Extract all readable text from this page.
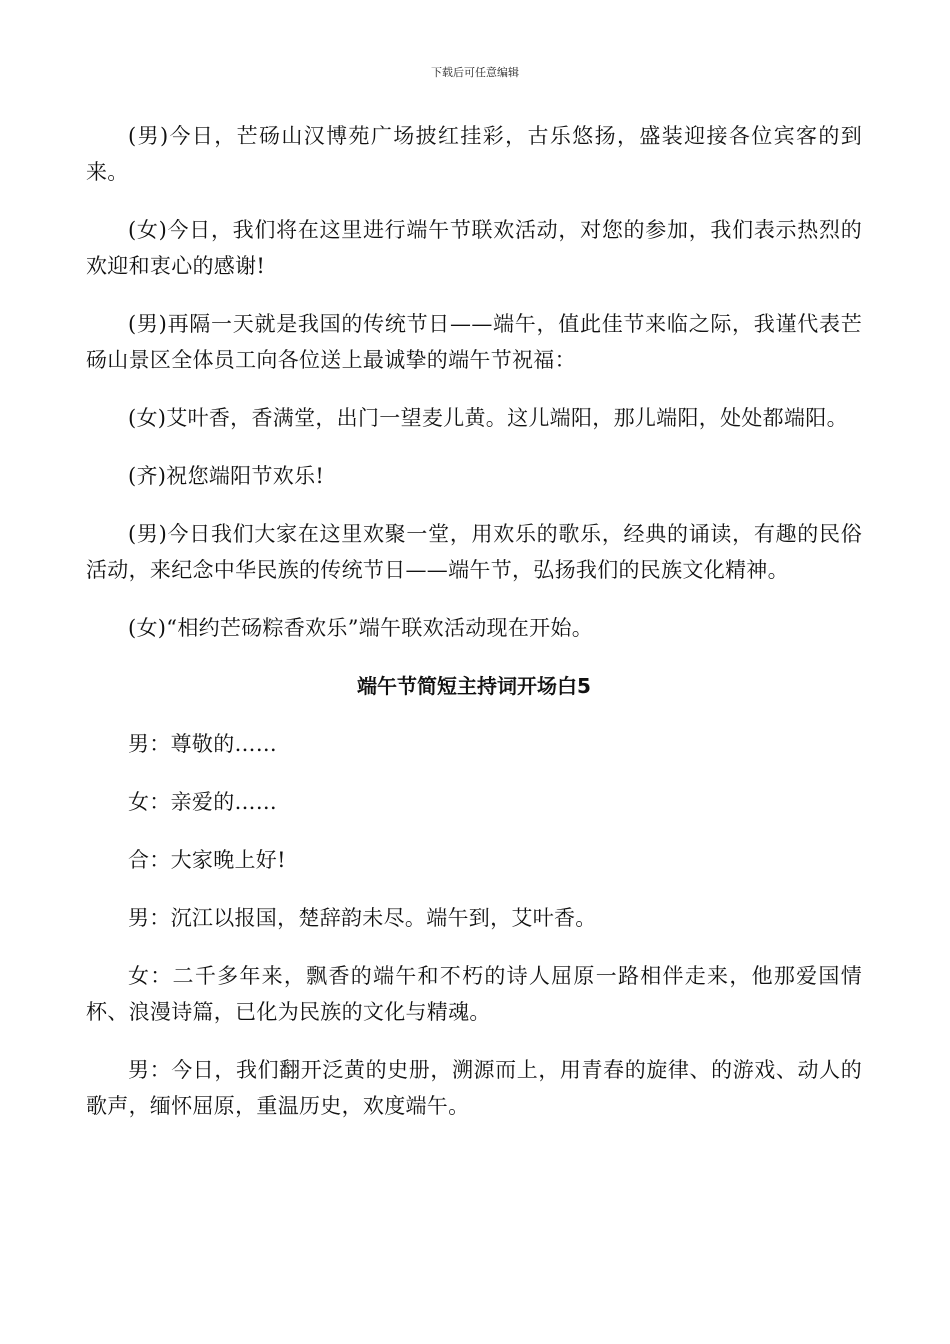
下载后可任意编辑

(男)今日，芒砀山汉博苑广场披红挂彩，古乐悠扬，盛装迎接各位宾客的到来。

(女)今日，我们将在这里进行端午节联欢活动，对您的参加，我们表示热烈的欢迎和衷心的感谢!

(男)再隔一天就是我国的传统节日——端午，值此佳节来临之际，我谨代表芒砀山景区全体员工向各位送上最诚挚的端午节祝福：

(女)艾叶香，香满堂，出门一望麦儿黄。这儿端阳，那儿端阳，处处都端阳。

(齐)祝您端阳节欢乐!

(男)今日我们大家在这里欢聚一堂，用欢乐的歌乐，经典的诵读，有趣的民俗活动，来纪念中华民族的传统节日——端午节，弘扬我们的民族文化精神。

(女)“相约芒砀粽香欢乐”端午联欢活动现在开始。

端午节简短主持词开场白5

男：尊敬的……

女：亲爱的……

合：大家晚上好!

男：沉江以报国，楚辞韵未尽。端午到，艾叶香。

女：二千多年来，飘香的端午和不朽的诗人屈原一路相伴走来，他那爱国情杯、浪漫诗篇，已化为民族的文化与精魂。

男：今日，我们翻开泛黄的史册，溯源而上，用青春的旋律、的游戏、动人的歌声，缅怀屈原，重温历史，欢度端午。
